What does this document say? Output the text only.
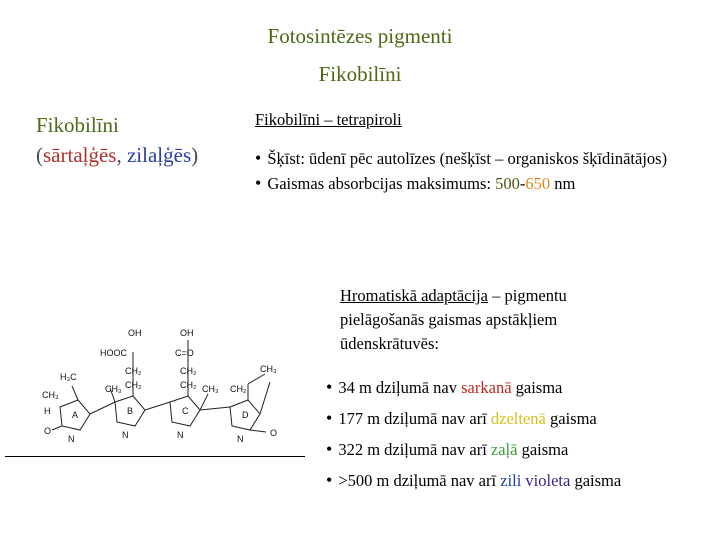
Fotosintēzes pigmenti
Fikobilīni
Fikobilīni
(sārtaļģēs, zilaļģēs)
Fikobilīni – tetrapiroli
• Šķīst: ūdenī pēc autolīzes (nešķīst – organiskos šķīdinātājos)
• Gaismas absorbcijas maksimums: 500-650 nm
Hromatiskā adaptācija – pigmentu pielāgošanās gaismas apstākļiem ūdenskrātuvēs:
• 34 m dziļumā nav sarkanā gaisma
• 177 m dziļumā nav arī dzeltenā gaisma
• 322 m dziļumā nav arī zaļā gaisma
• >500 m dziļumā nav arī zili violeta gaisma
OH	OH
HOOC	C=O
CH₂	CH₂
CH₂	CH₂
CH₃
H₃C
CH₃	CH₃ CH₂
CH₃
H
O	O
A	B	C	D
N	N	N	N
